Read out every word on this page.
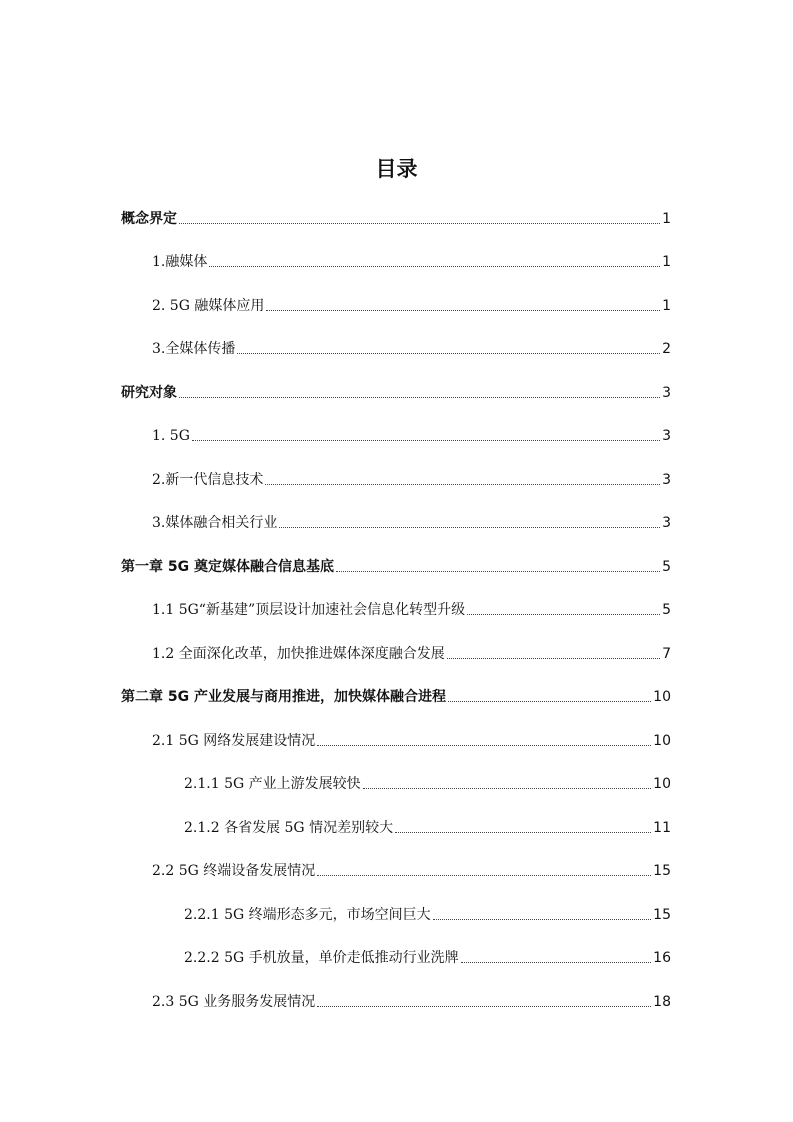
目录
概念界定	1
1.融媒体	1
2. 5G 融媒体应用	1
3.全媒体传播	2
研究对象	3
1. 5G	3
2.新一代信息技术	3
3.媒体融合相关行业	3
第一章 5G 奠定媒体融合信息基底	5
1.1 5G“新基建”顶层设计加速社会信息化转型升级	5
1.2 全面深化改革，加快推进媒体深度融合发展	7
第二章 5G 产业发展与商用推进，加快媒体融合进程	10
2.1 5G 网络发展建设情况	10
2.1.1 5G 产业上游发展较快	10
2.1.2 各省发展 5G 情况差别较大	11
2.2 5G 终端设备发展情况	15
2.2.1 5G 终端形态多元，市场空间巨大	15
2.2.2 5G 手机放量，单价走低推动行业洗牌	16
2.3 5G 业务服务发展情况	18
